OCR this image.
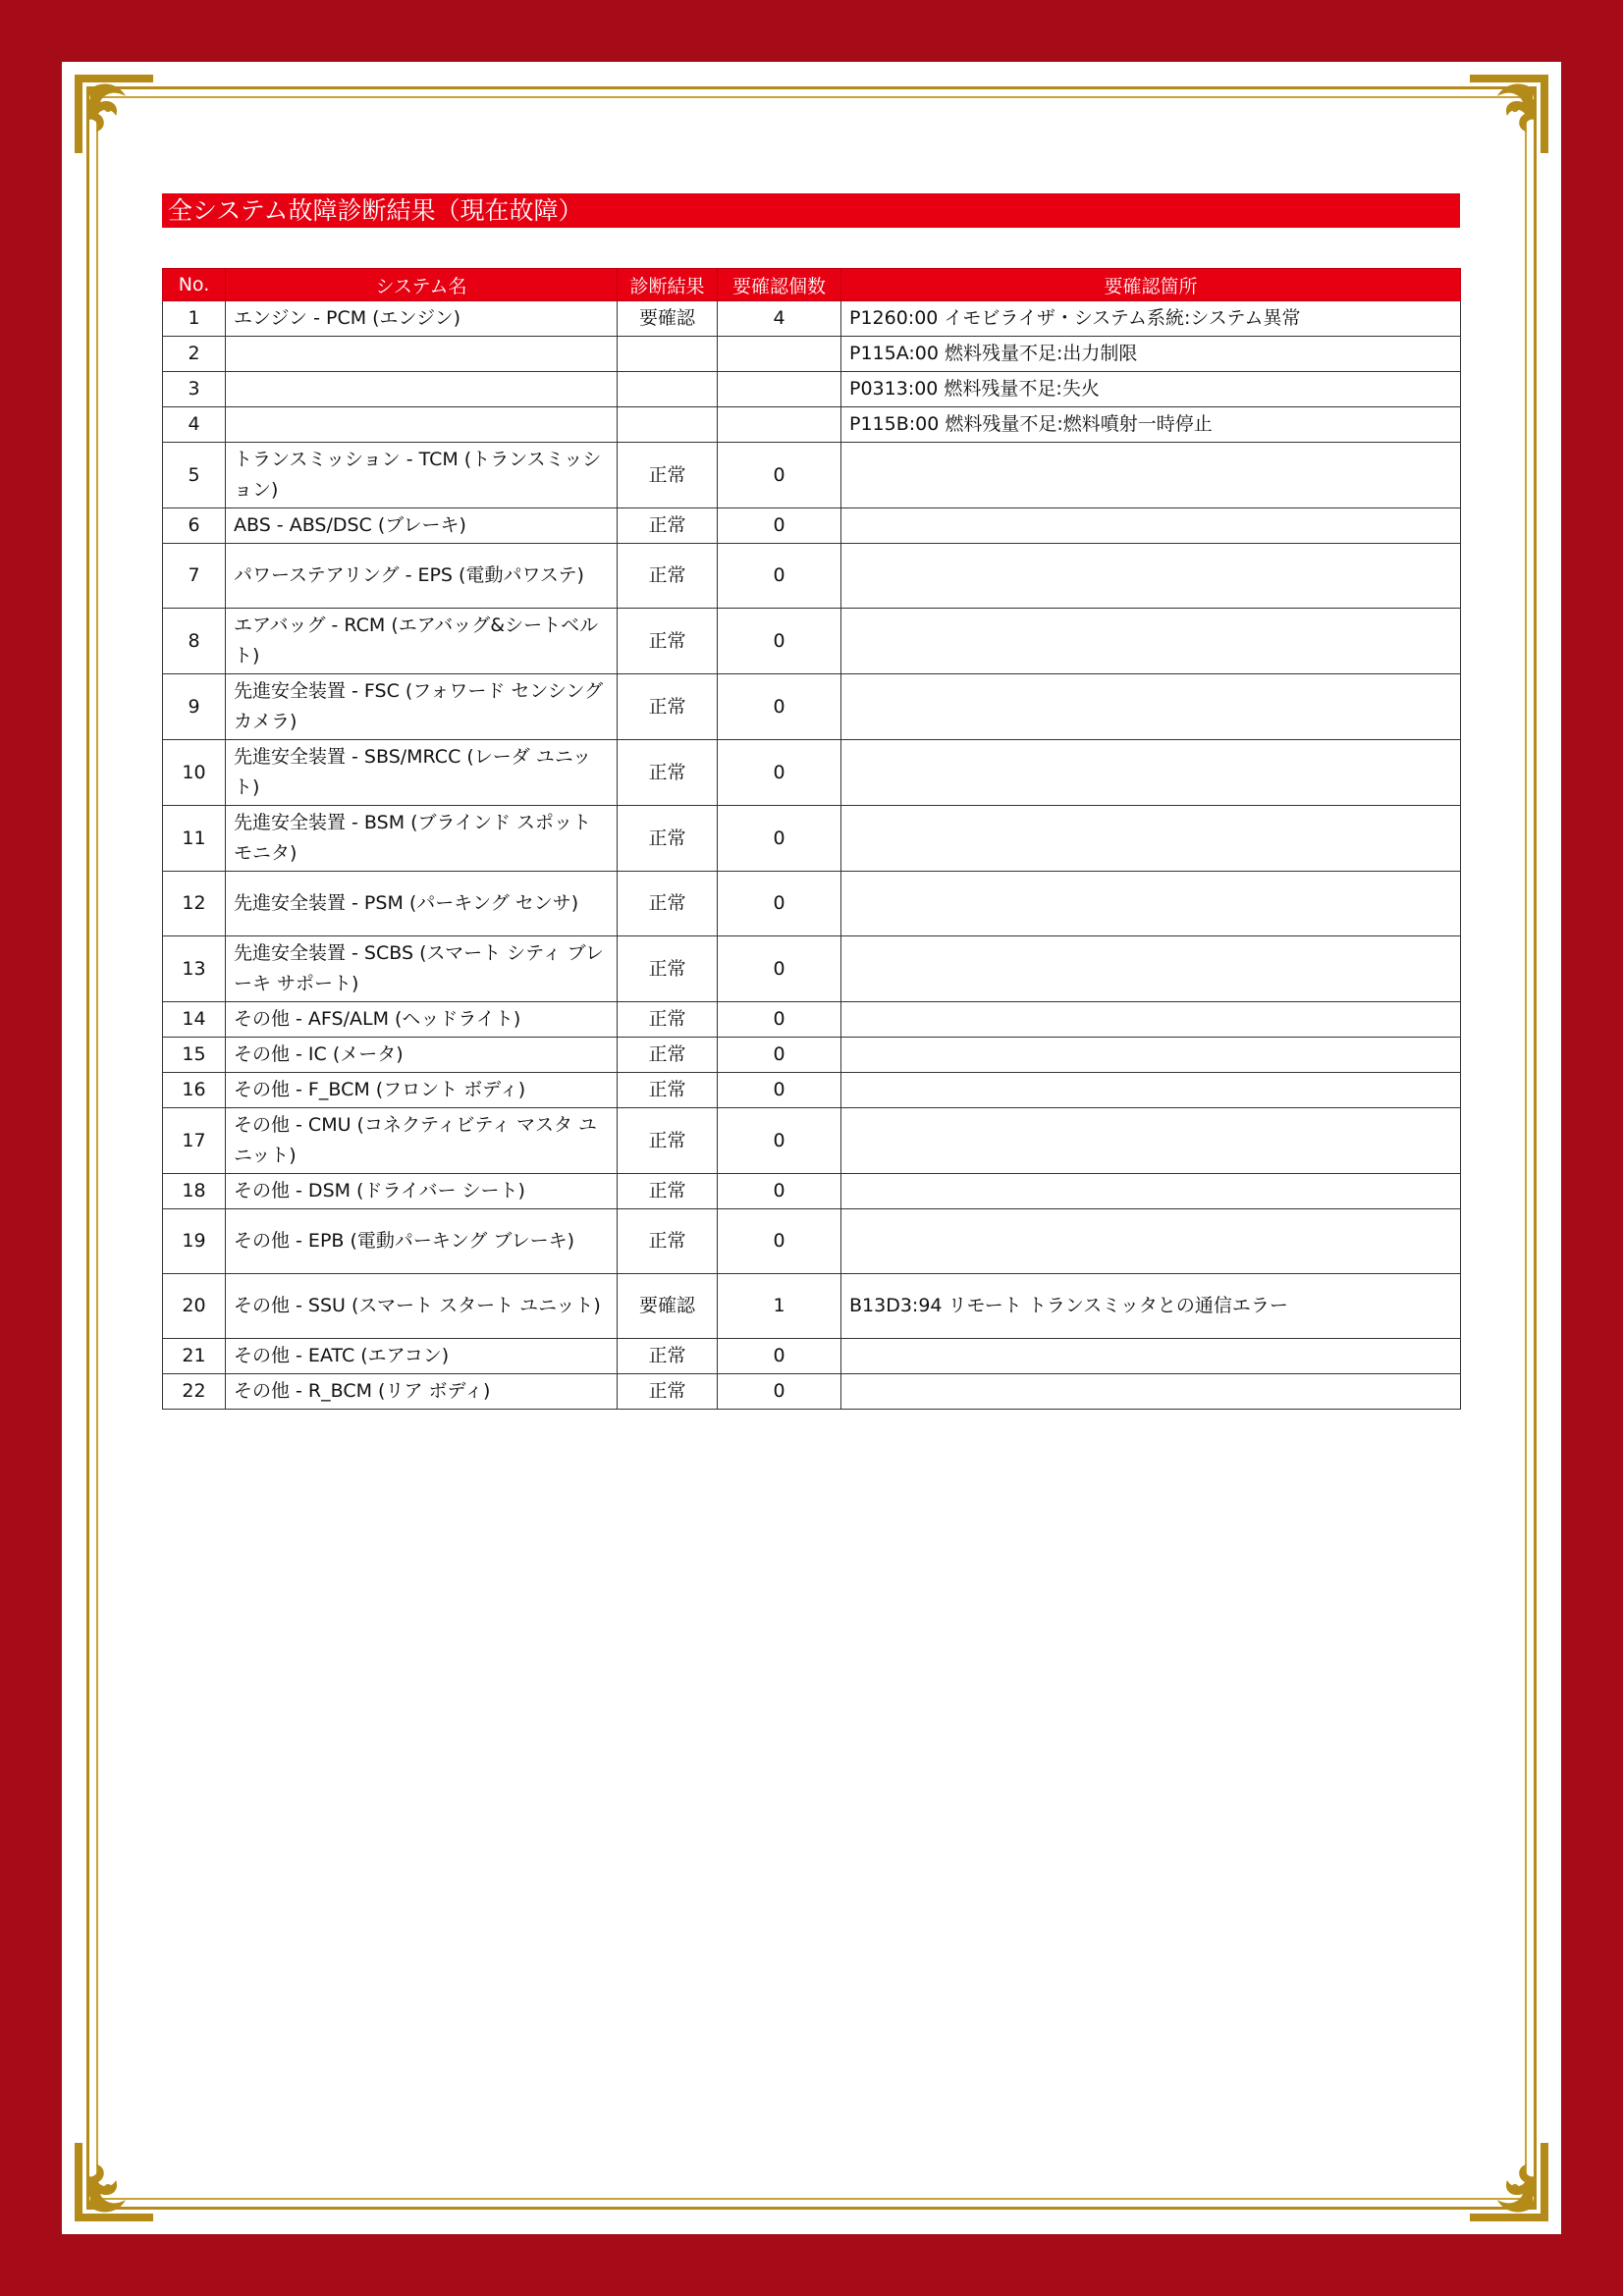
全システム故障診断結果（現在故障）
No.	システム名	診断結果	要確認個数	要確認箇所
1	エンジン - PCM (エンジン)	要確認	4	P1260:00 イモビライザ・システム系統:システム異常
2				P115A:00 燃料残量不足:出力制限
3				P0313:00 燃料残量不足:失火
4				P115B:00 燃料残量不足:燃料噴射一時停止
5	トランスミッション - TCM (トランスミッション)	正常	0	
6	ABS - ABS/DSC (ブレーキ)	正常	0	
7	パワーステアリング - EPS (電動パワステ)	正常	0	
8	エアバッグ - RCM (エアバッグ&シートベルト)	正常	0	
9	先進安全装置 - FSC (フォワード センシング カメラ)	正常	0	
10	先進安全装置 - SBS/MRCC (レーダ ユニット)	正常	0	
11	先進安全装置 - BSM (ブラインド スポット モニタ)	正常	0	
12	先進安全装置 - PSM (パーキング センサ)	正常	0	
13	先進安全装置 - SCBS (スマート シティ ブレーキ サポート)	正常	0	
14	その他 - AFS/ALM (ヘッドライト)	正常	0	
15	その他 - IC (メータ)	正常	0	
16	その他 - F_BCM (フロント ボディ)	正常	0	
17	その他 - CMU (コネクティビティ マスタ ユニット)	正常	0	
18	その他 - DSM (ドライバー シート)	正常	0	
19	その他 - EPB (電動パーキング ブレーキ)	正常	0	
20	その他 - SSU (スマート スタート ユニット)	要確認	1	B13D3:94 リモート トランスミッタとの通信エラー
21	その他 - EATC (エアコン)	正常	0	
22	その他 - R_BCM (リア ボディ)	正常	0	
